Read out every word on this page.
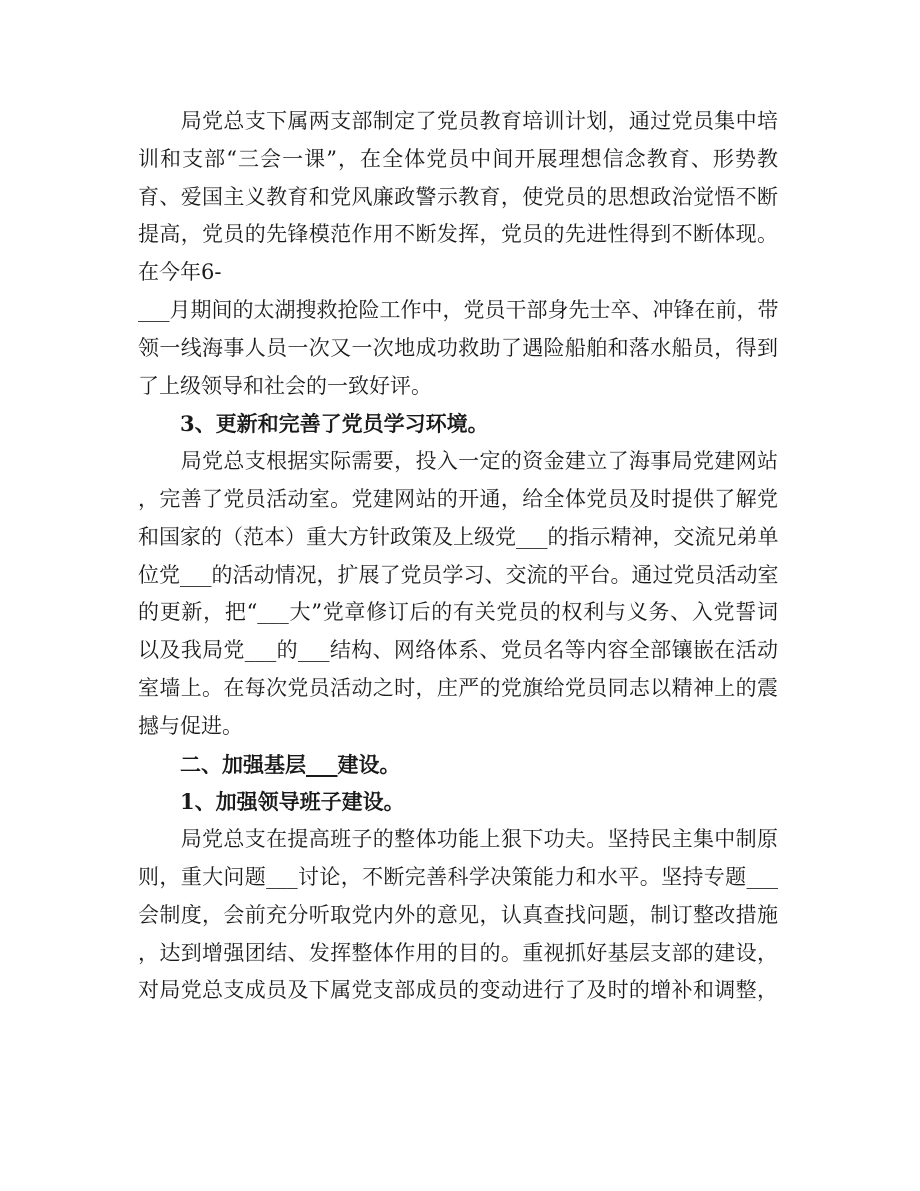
　　局党总支下属两支部制定了党员教育培训计划，通过党员集中培
训和支部“三会一课”，在全体党员中间开展理想信念教育、形势教
育、爱国主义教育和党风廉政警示教育，使党员的思想政治觉悟不断
提高，党员的先锋模范作用不断发挥，党员的先进性得到不断体现。
在今年6-
___月期间的太湖搜救抢险工作中，党员干部身先士卒、冲锋在前，带
领一线海事人员一次又一次地成功救助了遇险船舶和落水船员，得到
了上级领导和社会的一致好评。
　　3、更新和完善了党员学习环境。
　　局党总支根据实际需要，投入一定的资金建立了海事局党建网站
，完善了党员活动室。党建网站的开通，给全体党员及时提供了解党
和国家的（范本）重大方针政策及上级党___的指示精神，交流兄弟单
位党___的活动情况，扩展了党员学习、交流的平台。通过党员活动室
的更新，把“___大”党章修订后的有关党员的权利与义务、入党誓词
以及我局党___的___结构、网络体系、党员名等内容全部镶嵌在活动
室墙上。在每次党员活动之时，庄严的党旗给党员同志以精神上的震
撼与促进。
　　二、加强基层___建设。
　　1、加强领导班子建设。
　　局党总支在提高班子的整体功能上狠下功夫。坚持民主集中制原
则，重大问题___讨论，不断完善科学决策能力和水平。坚持专题___
会制度，会前充分听取党内外的意见，认真查找问题，制订整改措施
，达到增强团结、发挥整体作用的目的。重视抓好基层支部的建设，
对局党总支成员及下属党支部成员的变动进行了及时的增补和调整，
